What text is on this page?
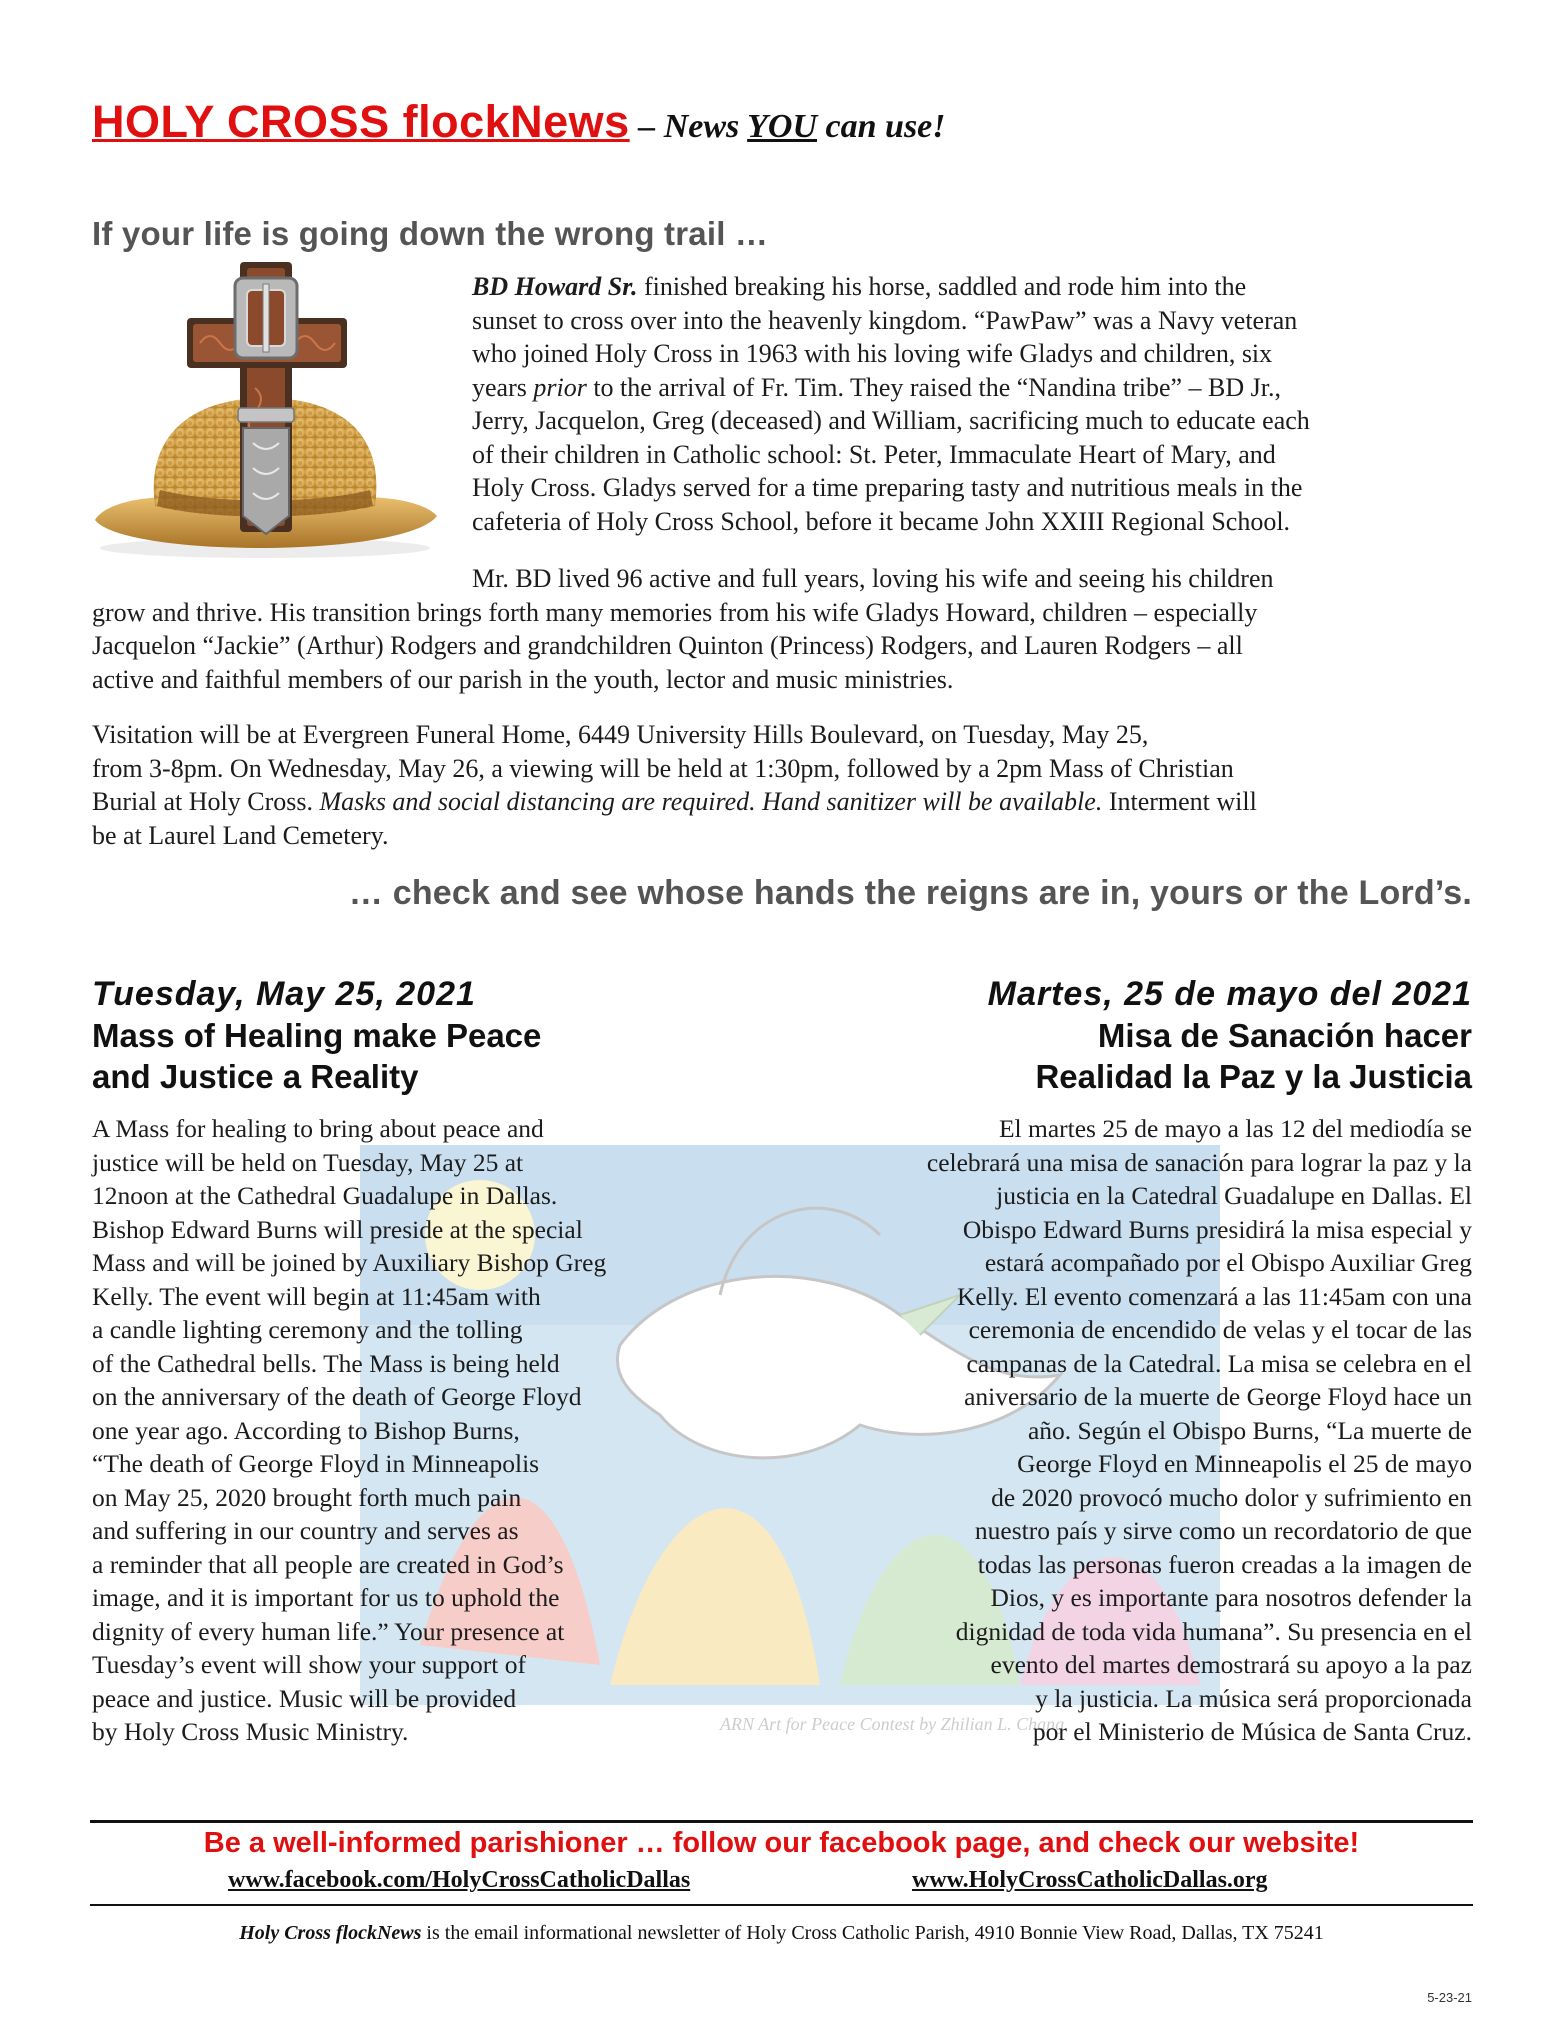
HOLY CROSS flockNews – News YOU can use!
If your life is going down the wrong trail …
BD Howard Sr. finished breaking his horse, saddled and rode him into the
sunset to cross over into the heavenly kingdom. “PawPaw” was a Navy veteran
who joined Holy Cross in 1963 with his loving wife Gladys and children, six
years prior to the arrival of Fr. Tim. They raised the “Nandina tribe” – BD Jr.,
Jerry, Jacquelon, Greg (deceased) and William, sacrificing much to educate each
of their children in Catholic school: St. Peter, Immaculate Heart of Mary, and
Holy Cross. Gladys served for a time preparing tasty and nutritious meals in the
cafeteria of Holy Cross School, before it became John XXIII Regional School.
Mr. BD lived 96 active and full years, loving his wife and seeing his children
grow and thrive. His transition brings forth many memories from his wife Gladys Howard, children – especially
Jacquelon “Jackie” (Arthur) Rodgers and grandchildren Quinton (Princess) Rodgers, and Lauren Rodgers – all
active and faithful members of our parish in the youth, lector and music ministries.
Visitation will be at Evergreen Funeral Home, 6449 University Hills Boulevard, on Tuesday, May 25,
from 3-8pm. On Wednesday, May 26, a viewing will be held at 1:30pm, followed by a 2pm Mass of Christian
Burial at Holy Cross. Masks and social distancing are required. Hand sanitizer will be available. Interment will
be at Laurel Land Cemetery.
… check and see whose hands the reigns are in, yours or the Lord’s.
ARN Art for Peace Contest by Zhilian L. Chang
Tuesday, May 25, 2021
Mass of Healing make Peace
and Justice a Reality
A Mass for healing to bring about peace and
justice will be held on Tuesday, May 25 at
12noon at the Cathedral Guadalupe in Dallas.
Bishop Edward Burns will preside at the special
Mass and will be joined by Auxiliary Bishop Greg
Kelly. The event will begin at 11:45am with
a candle lighting ceremony and the tolling
of the Cathedral bells. The Mass is being held
on the anniversary of the death of George Floyd
one year ago. According to Bishop Burns,
“The death of George Floyd in Minneapolis
on May 25, 2020 brought forth much pain
and suffering in our country and serves as
a reminder that all people are created in God’s
image, and it is important for us to uphold the
dignity of every human life.” Your presence at
Tuesday’s event will show your support of
peace and justice. Music will be provided
by Holy Cross Music Ministry.
Martes, 25 de mayo del 2021
Misa de Sanación hacer
Realidad la Paz y la Justicia
El martes 25 de mayo a las 12 del mediodía se
celebrará una misa de sanación para lograr la paz y la
justicia en la Catedral Guadalupe en Dallas. El
Obispo Edward Burns presidirá la misa especial y
estará acompañado por el Obispo Auxiliar Greg
Kelly. El evento comenzará a las 11:45am con una
ceremonia de encendido de velas y el tocar de las
campanas de la Catedral. La misa se celebra en el
aniversario de la muerte de George Floyd hace un
año. Según el Obispo Burns, “La muerte de
George Floyd en Minneapolis el 25 de mayo
de 2020 provocó mucho dolor y sufrimiento en
nuestro país y sirve como un recordatorio de que
todas las personas fueron creadas a la imagen de
Dios, y es importante para nosotros defender la
dignidad de toda vida humana”. Su presencia en el
evento del martes demostrará su apoyo a la paz
y la justicia. La música será proporcionada
por el Ministerio de Música de Santa Cruz.
Be a well-informed parishioner … follow our facebook page, and check our website!
www.facebook.com/HolyCrossCatholicDallas	www.HolyCrossCatholicDallas.org
Holy Cross flockNews is the email informational newsletter of Holy Cross Catholic Parish, 4910 Bonnie View Road, Dallas, TX 75241
5-23-21
